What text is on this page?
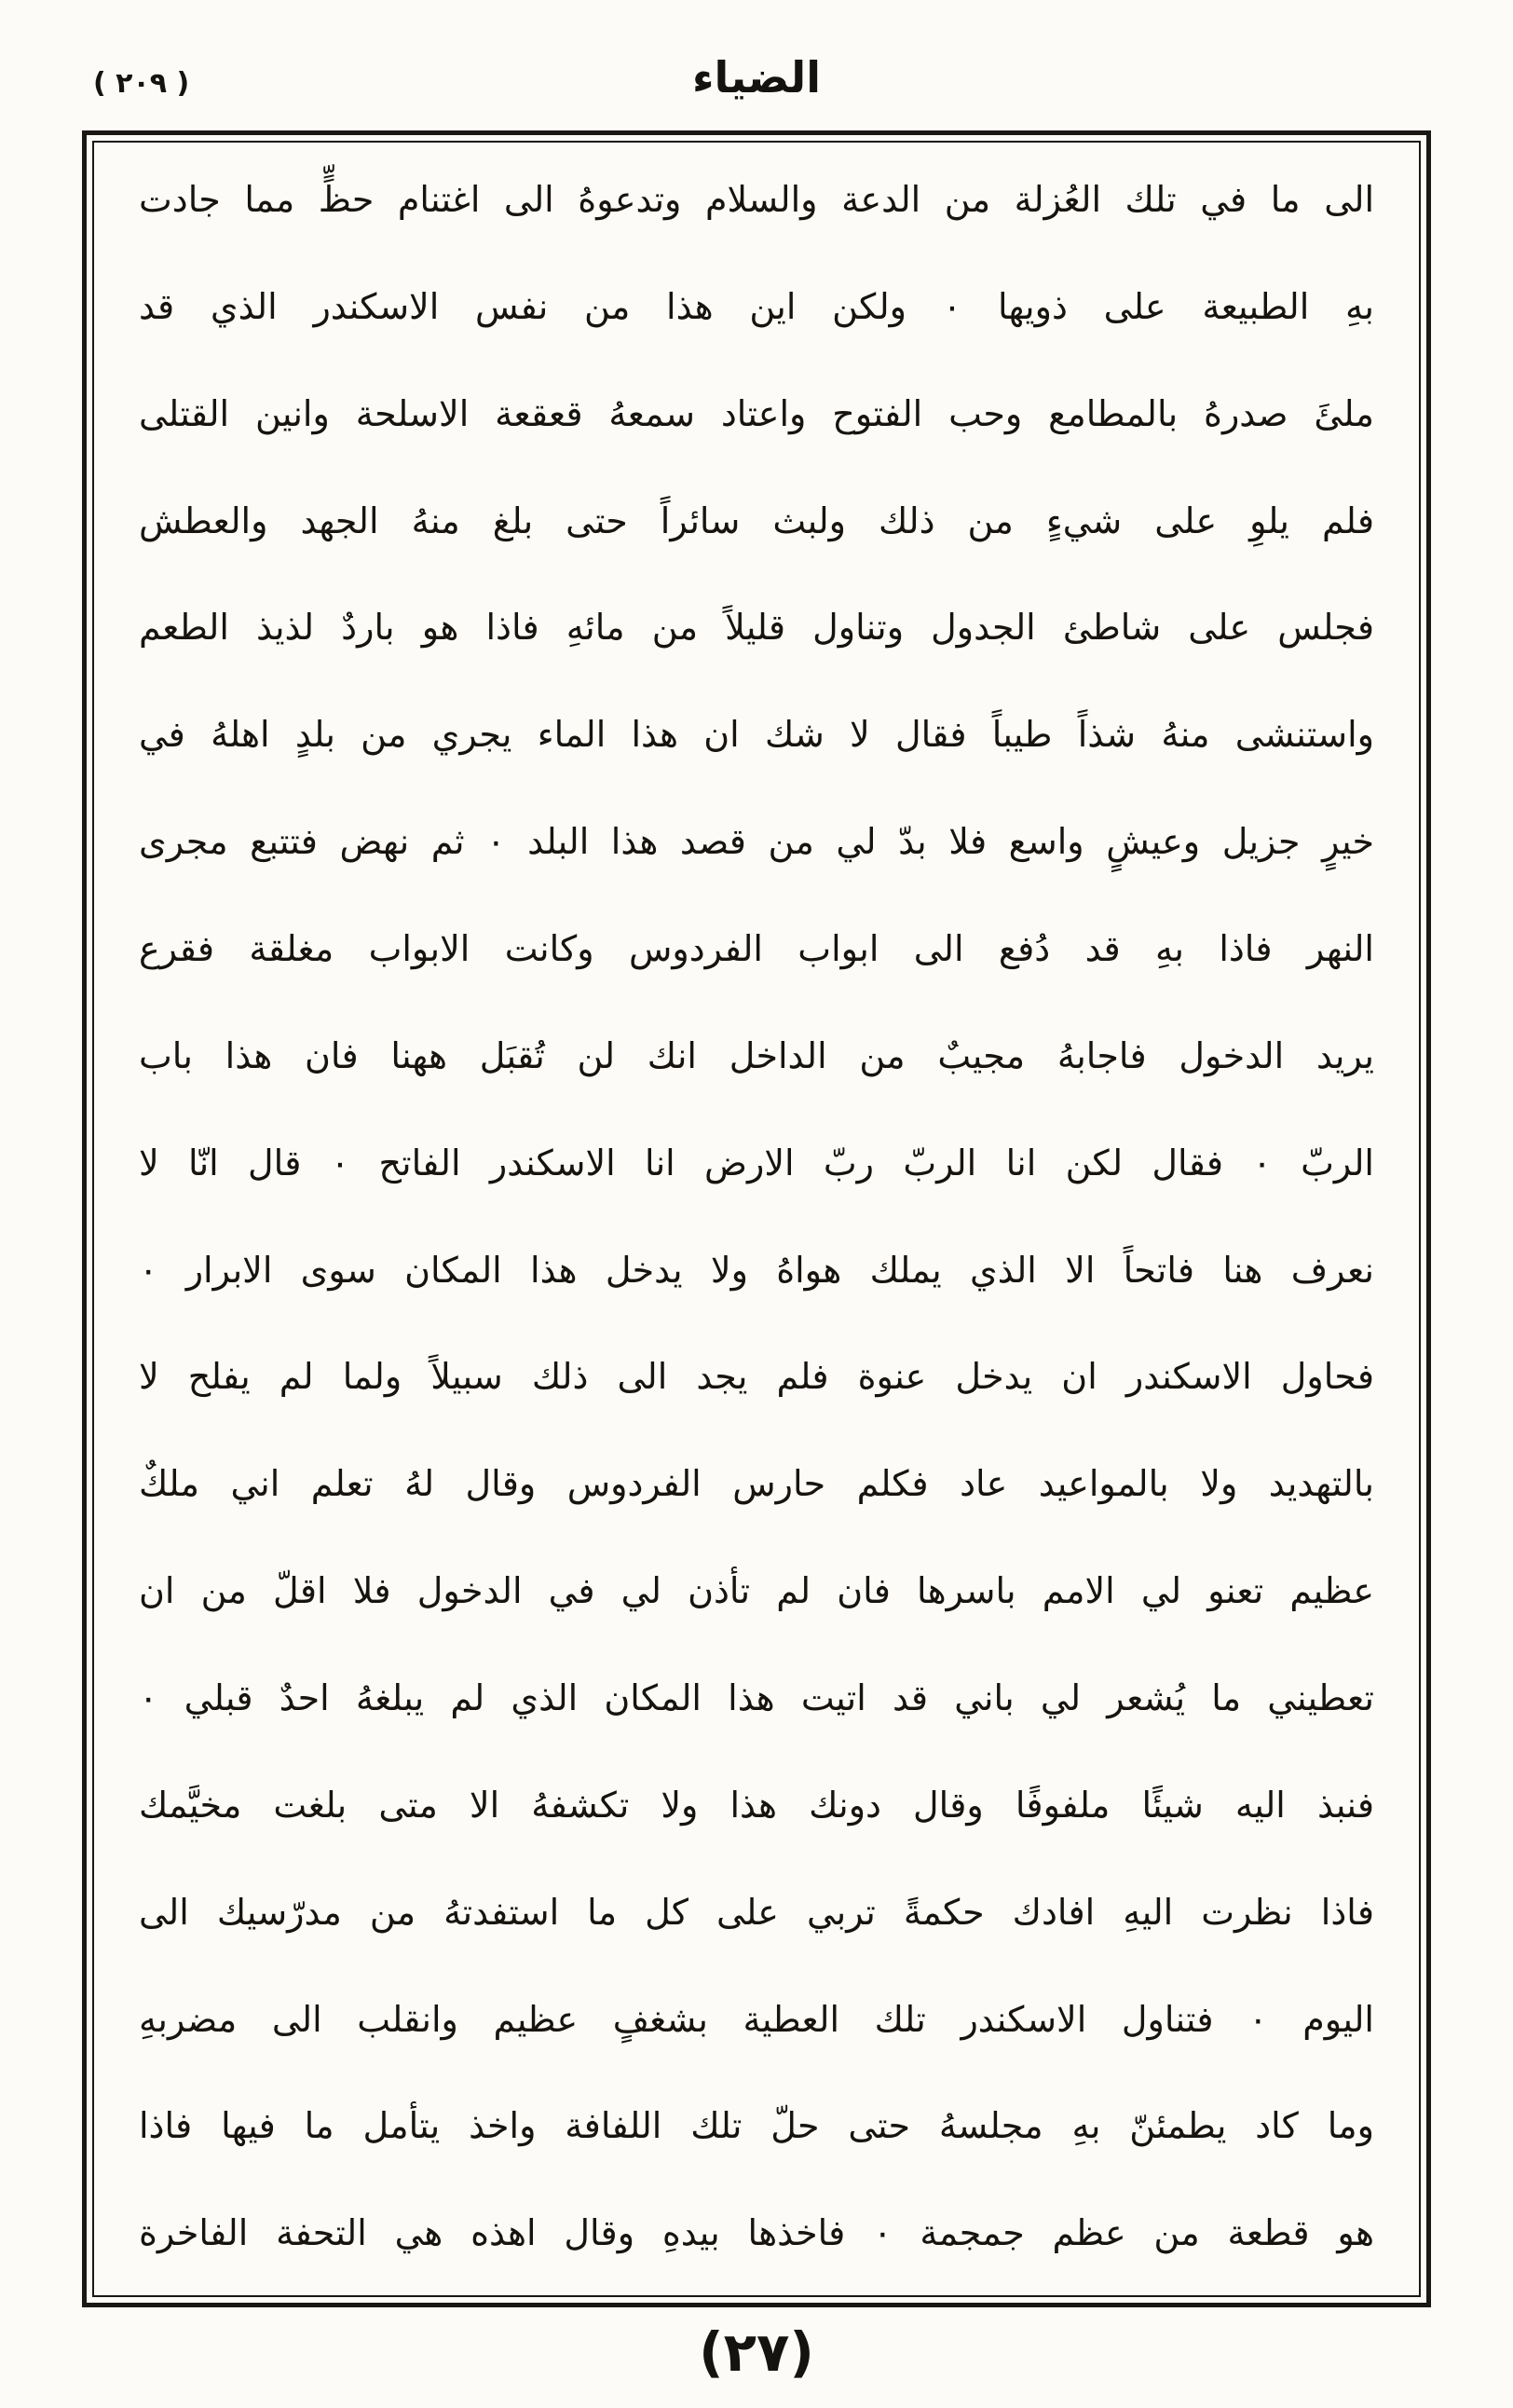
( ٢٠٩ )	الضياء
الى ما في تلك العُزلة من الدعة والسلام وتدعوهُ الى اغتنام حظٍّ مما جادت
بهِ الطبيعة على ذويها ٠ ولكن اين هذا من نفس الاسكندر الذي قد
ملئَ صدرهُ بالمطامع وحب الفتوح واعتاد سمعهُ قعقعة الاسلحة وانين القتلى
فلم يلوِ على شيءٍ من ذلك ولبث سائراً حتى بلغ منهُ الجهد والعطش
فجلس على شاطئ الجدول وتناول قليلاً من مائهِ فاذا هو باردٌ لذيذ الطعم
واستنشى منهُ شذاً طيباً فقال لا شك ان هذا الماء يجري من بلدٍ اهلهُ في
خيرٍ جزيل وعيشٍ واسع فلا بدّ لي من قصد هذا البلد ٠ ثم نهض فتتبع مجرى
النهر فاذا بهِ قد دُفع الى ابواب الفردوس وكانت الابواب مغلقة فقرع
يريد الدخول فاجابهُ مجيبٌ من الداخل انك لن تُقبَل ههنا فان هذا باب
الربّ ٠ فقال لكن انا الربّ ربّ الارض انا الاسكندر الفاتح ٠ قال انّا لا
نعرف هنا فاتحاً الا الذي يملك هواهُ ولا يدخل هذا المكان سوى الابرار ٠
فحاول الاسكندر ان يدخل عنوة فلم يجد الى ذلك سبيلاً ولما لم يفلح لا
بالتهديد ولا بالمواعيد عاد فكلم حارس الفردوس وقال لهُ تعلم اني ملكٌ
عظيم تعنو لي الامم باسرها فان لم تأذن لي في الدخول فلا اقلّ من ان
تعطيني ما يُشعر لي باني قد اتيت هذا المكان الذي لم يبلغهُ احدٌ قبلي ٠
فنبذ اليه شيئًا ملفوفًا وقال دونك هذا ولا تكشفهُ الا متى بلغت مخيَّمك
فاذا نظرت اليهِ افادك حكمةً تربي على كل ما استفدتهُ من مدرّسيك الى
اليوم ٠ فتناول الاسكندر تلك العطية بشغفٍ عظيم وانقلب الى مضربهِ
وما كاد يطمئنّ بهِ مجلسهُ حتى حلّ تلك اللفافة واخذ يتأمل ما فيها فاذا
هو قطعة من عظم جمجمة ٠ فاخذها بيدهِ وقال اهذه هي التحفة الفاخرة
(٢٧)
